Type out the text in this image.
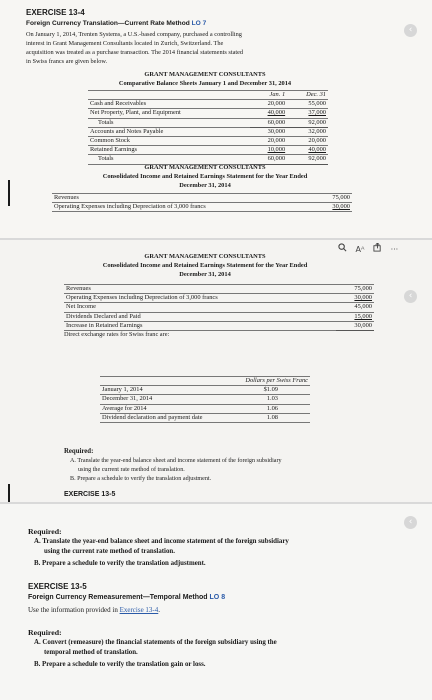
EXERCISE 13-4
Foreign Currency Translation—Current Rate Method LO 7
On January 1, 2014, Trenten Systems, a U.S.-based company, purchased a controlling
interest in Grant Management Consultants located in Zurich, Switzerland. The
acquisition was treated as a purchase transaction. The 2014 financial statements stated
in Swiss francs are given below.
GRANT MANAGEMENT CONSULTANTS
Comparative Balance Sheets January 1 and December 31, 2014
	Jan. 1	Dec. 31
Cash and Receivables	20,000	55,000
Net Property, Plant, and Equipment	40,000	37,000
Totals	60,000	92,000
Accounts and Notes Payable	30,000	32,000
Common Stock	20,000	20,000
Retained Earnings	10,000	40,000
Totals	60,000	92,000
GRANT MANAGEMENT CONSULTANTS
Consolidated Income and Retained Earnings Statement for the Year Ended
December 31, 2014
Revenues	75,000
Operating Expenses including Depreciation of 3,000 francs	30,000
‹
Aᴬ	···
GRANT MANAGEMENT CONSULTANTS
Consolidated Income and Retained Earnings Statement for the Year Ended
December 31, 2014
Revenues	75,000
Operating Expenses including Depreciation of 3,000 francs	30,000
Net Income	45,000
Dividends Declared and Paid	15,000
Increase in Retained Earnings	30,000
Direct exchange rates for Swiss franc are:
	Dollars per Swiss Franc
January 1, 2014	$1.09
December 31, 2014	1.03
Average for 2014	1.06
Dividend declaration and payment date	1.08
Required:
A. Translate the year-end balance sheet and income statement of the foreign subsidiary
using the current rate method of translation.
B. Prepare a schedule to verify the translation adjustment.
EXERCISE 13-5
‹
Required:
A. Translate the year-end balance sheet and income statement of the foreign subsidiary
using the current rate method of translation.
B. Prepare a schedule to verify the translation adjustment.
EXERCISE 13-5
Foreign Currency Remeasurement—Temporal Method LO 8
Use the information provided in Exercise 13-4.
Required:
A. Convert (remeasure) the financial statements of the foreign subsidiary using the
temporal method of translation.
B. Prepare a schedule to verify the translation gain or loss.
‹
